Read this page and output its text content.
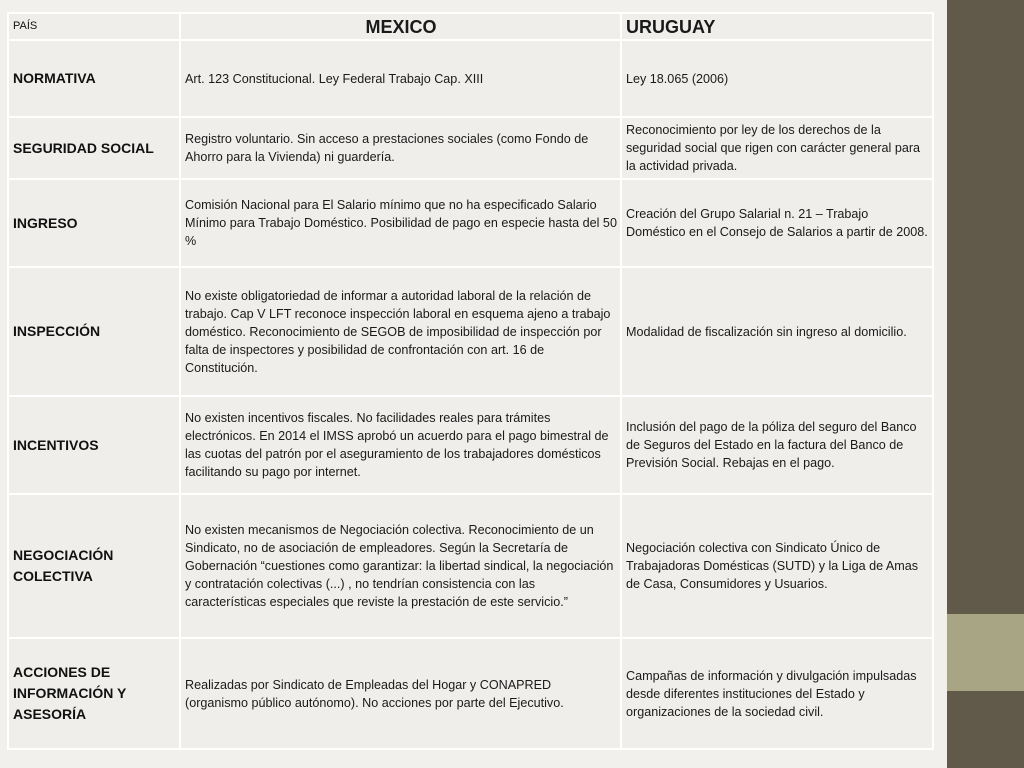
PAÍS	MEXICO	URUGUAY
NORMATIVA	Art. 123 Constitucional. Ley Federal Trabajo Cap. XIII	Ley 18.065 (2006)
SEGURIDAD SOCIAL	Registro voluntario. Sin acceso a prestaciones sociales (como Fondo de Ahorro para la Vivienda) ni guardería.	Reconocimiento por ley de los derechos de la seguridad social que rigen con carácter general para la actividad privada.
INGRESO	Comisión Nacional para El Salario mínimo que no ha especificado Salario Mínimo para Trabajo Doméstico. Posibilidad de pago en especie hasta del 50 %	Creación del Grupo Salarial n. 21 – Trabajo Doméstico en el Consejo de Salarios a partir de 2008.
INSPECCIÓN	No existe obligatoriedad de informar a autoridad laboral de la relación de trabajo. Cap V LFT reconoce inspección laboral en esquema ajeno a trabajo doméstico. Reconocimiento de SEGOB de imposibilidad de inspección por falta de inspectores y posibilidad de confrontación con art. 16 de Constitución.	Modalidad de fiscalización sin ingreso al domicilio.
INCENTIVOS	No existen incentivos fiscales. No facilidades reales para trámites electrónicos. En 2014 el IMSS aprobó un acuerdo para el pago bimestral de las cuotas del patrón por el aseguramiento de los trabajadores domésticos facilitando su pago por internet.	Inclusión del pago de la póliza del seguro del Banco de Seguros del Estado en la factura del Banco de Previsión Social. Rebajas en el pago.
NEGOCIACIÓN COLECTIVA	No existen mecanismos de Negociación colectiva. Reconocimiento de un Sindicato, no de asociación de empleadores. Según la Secretaría de Gobernación “cuestiones como garantizar: la libertad sindical, la negociación y contratación colectivas (...) , no tendrían consistencia con las características especiales que reviste la prestación de este servicio.”	Negociación colectiva con Sindicato Único de Trabajadoras Domésticas (SUTD) y la Liga de Amas de Casa, Consumidores y Usuarios.
ACCIONES DE INFORMACIÓN Y ASESORÍA	Realizadas por Sindicato de Empleadas del Hogar y CONAPRED (organismo público autónomo). No acciones por parte del Ejecutivo.	Campañas de información y divulgación impulsadas desde diferentes instituciones del Estado y organizaciones de la sociedad civil.
